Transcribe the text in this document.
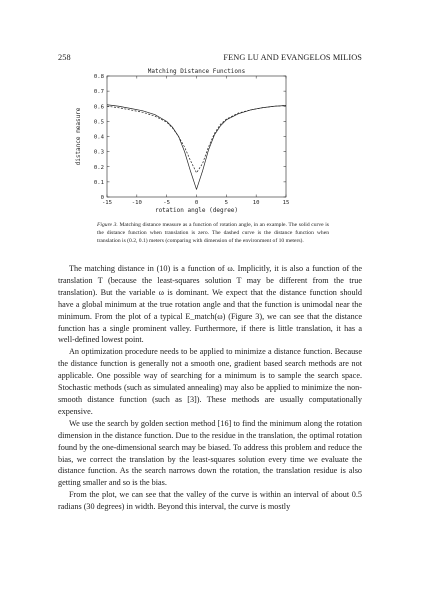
258	FENG LU AND EVANGELOS MILIOS
-15	-10	-5	0	5	10	15
0
0.1
0.2
0.3
0.4
0.5
0.6
0.7
0.8
Matching Distance Functions
rotation angle (degree)
distance measure
Figure 3. Matching distance measure as a function of rotation angle, in an example. The solid curve is the distance function when translation is zero. The dashed curve is the distance function when translation is (0.2, 0.1) meters (comparing with dimension of the environment of 10 meters).

The matching distance in (10) is a function of ω. Implicitly, it is also a function of the translation T (because the least-squares solution T may be different from the true translation). But the variable ω is dominant. We expect that the distance function should have a global minimum at the true rotation angle and that the function is unimodal near the minimum. From the plot of a typical E_match(ω) (Figure 3), we can see that the distance function has a single prominent valley. Furthermore, if there is little translation, it has a well-defined lowest point.

An optimization procedure needs to be applied to minimize a distance function. Because the distance function is generally not a smooth one, gradient based search methods are not applicable. One possible way of searching for a minimum is to sample the search space. Stochastic methods (such as simulated annealing) may also be applied to minimize the non-smooth distance function (such as [3]). These methods are usually computationally expensive.

We use the search by golden section method [16] to find the minimum along the rotation dimension in the distance function. Due to the residue in the translation, the optimal rotation found by the one-dimensional search may be biased. To address this problem and reduce the bias, we correct the translation by the least-squares solution every time we evaluate the distance function. As the search narrows down the rotation, the translation residue is also getting smaller and so is the bias.

From the plot, we can see that the valley of the curve is within an interval of about 0.5 radians (30 degrees) in width. Beyond this interval, the curve is mostly
